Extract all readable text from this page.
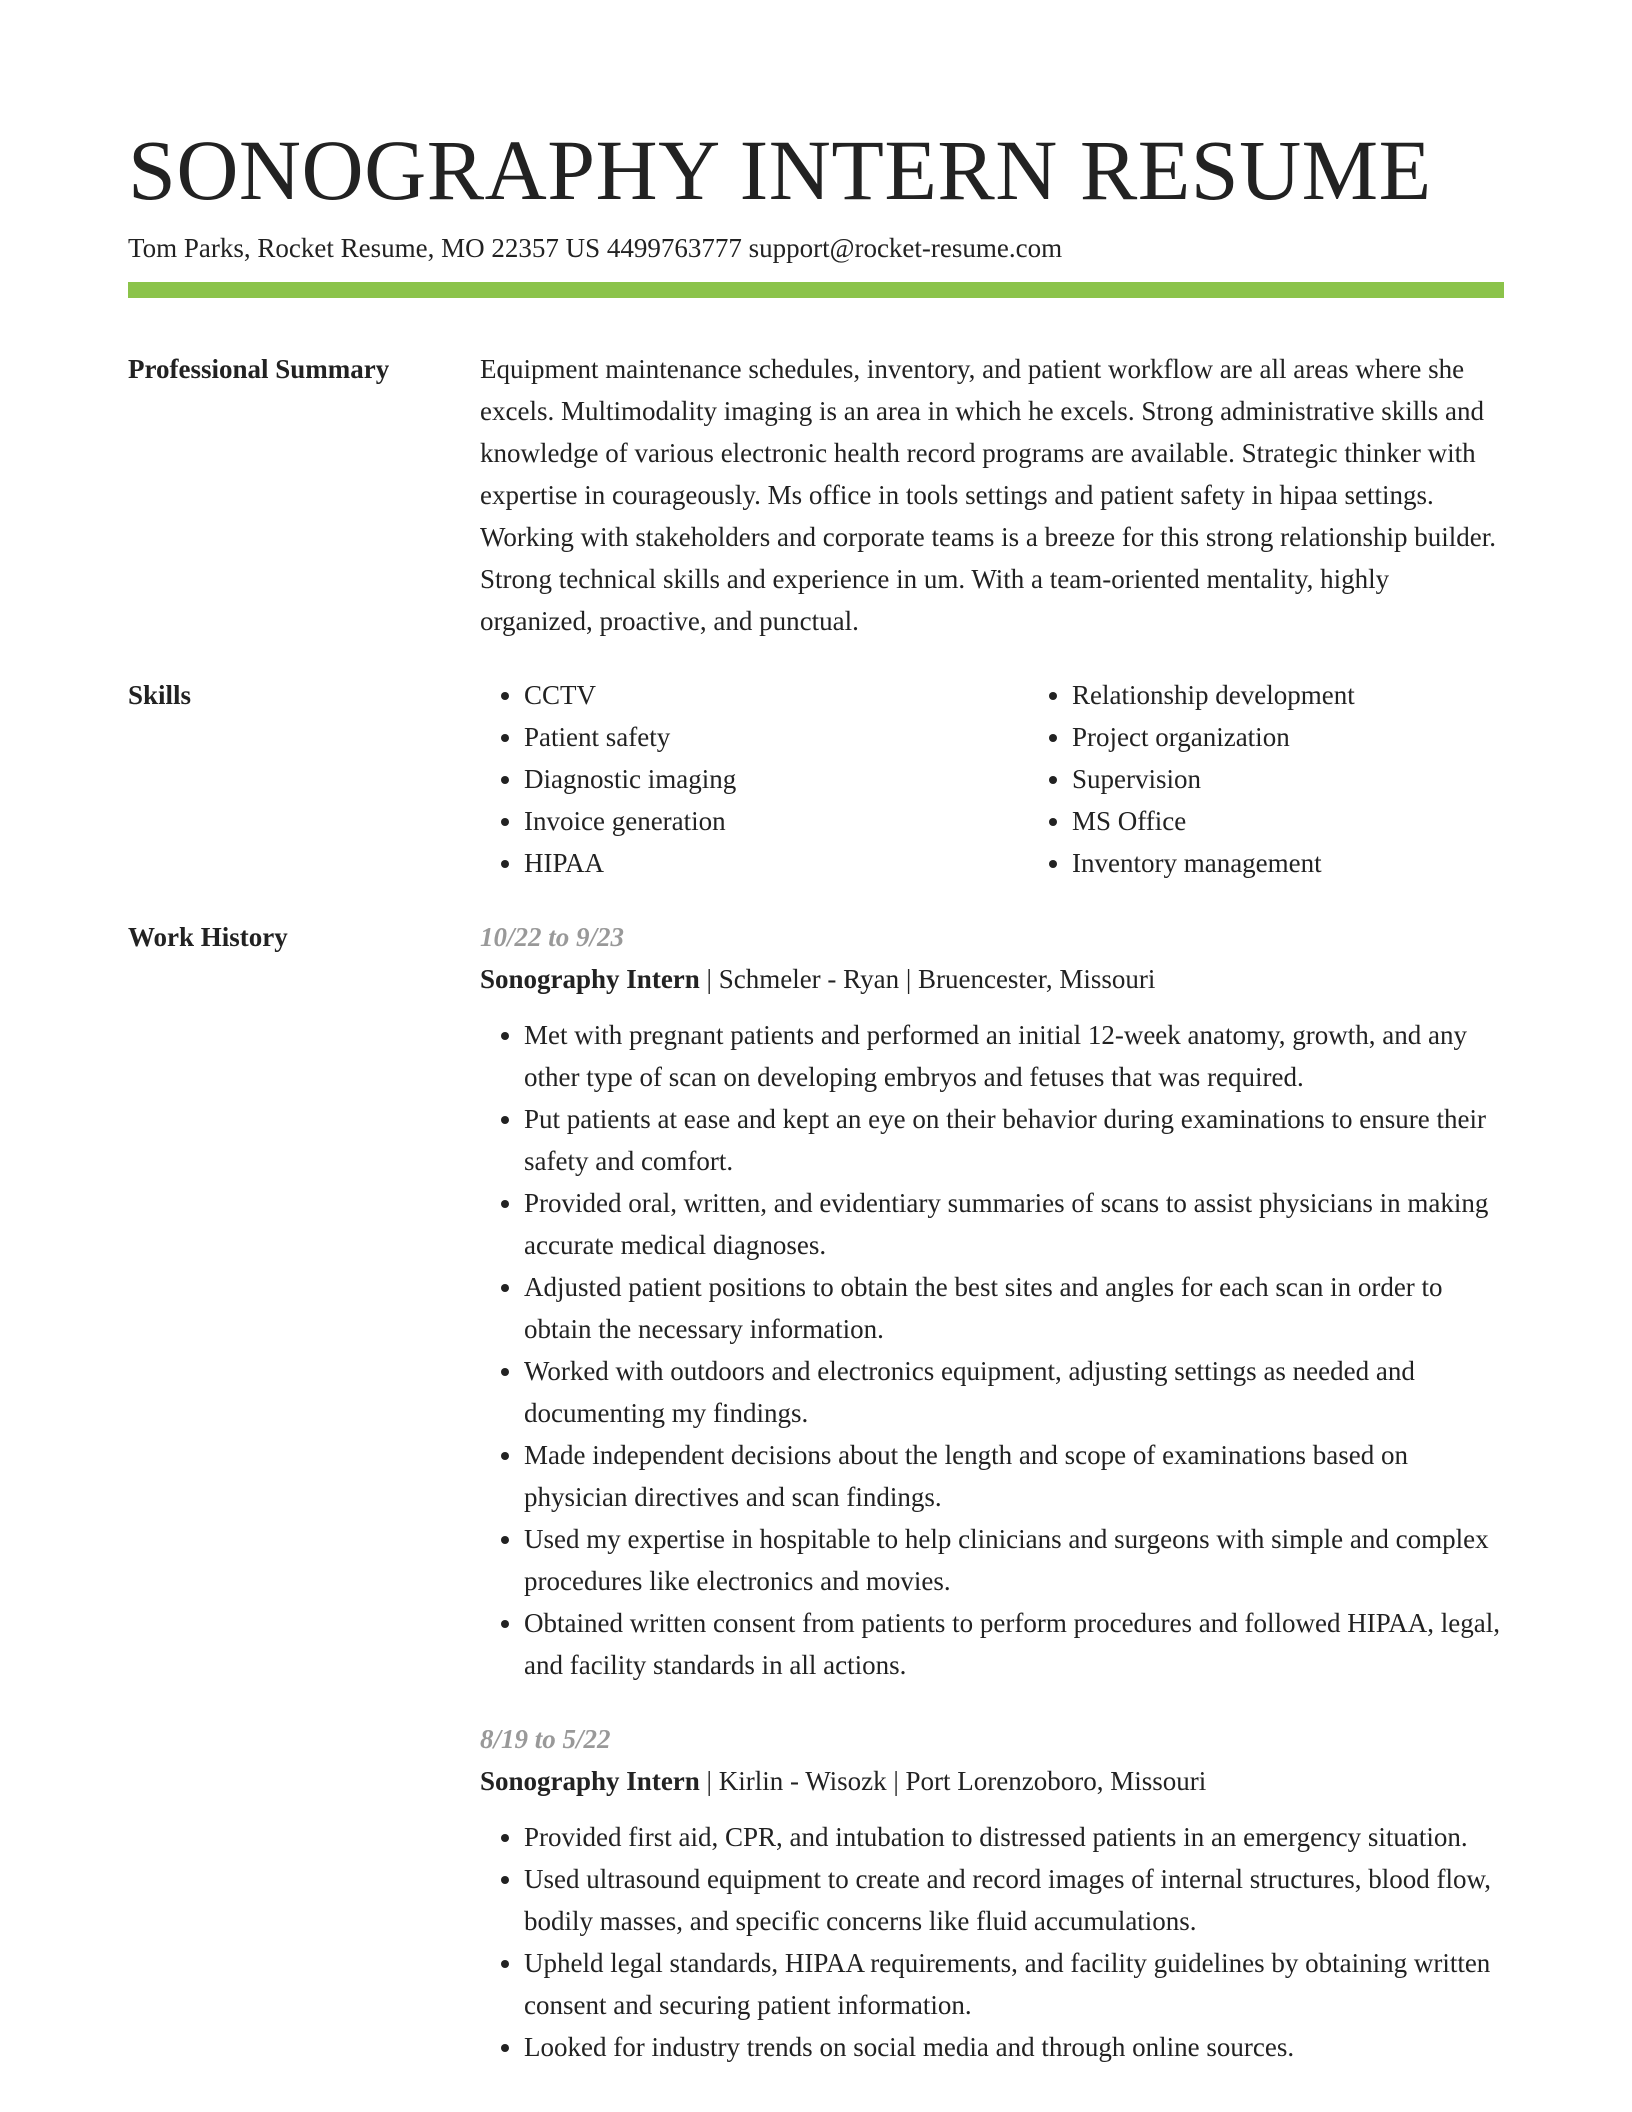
SONOGRAPHY INTERN RESUME
Tom Parks, Rocket Resume, MO 22357 US 4499763777 support@rocket-resume.com
Professional Summary	Equipment maintenance schedules, inventory, and patient workflow are all areas where she excels. Multimodality imaging is an area in which he excels. Strong administrative skills and knowledge of various electronic health record programs are available. Strategic thinker with expertise in courageously. Ms office in tools settings and patient safety in hipaa settings. Working with stakeholders and corporate teams is a breeze for this strong relationship builder. Strong technical skills and experience in um. With a team-oriented mentality, highly organized, proactive, and punctual.

Skills
•	CCTV
• Patient safety
• Diagnostic imaging
• Invoice generation
• HIPAA
• Relationship development
• Project organization
• Supervision
• MS Office
• Inventory management
Work History	10/22 to 9/23
Sonography Intern | Schmeler - Ryan | Bruencester, Missouri
• Met with pregnant patients and performed an initial 12-week anatomy, growth, and any other type of scan on developing embryos and fetuses that was required.
• Put patients at ease and kept an eye on their behavior during examinations to ensure their safety and comfort.
• Provided oral, written, and evidentiary summaries of scans to assist physicians in making accurate medical diagnoses.
• Adjusted patient positions to obtain the best sites and angles for each scan in order to obtain the necessary information.
• Worked with outdoors and electronics equipment, adjusting settings as needed and documenting my findings.
• Made independent decisions about the length and scope of examinations based on physician directives and scan findings.
• Used my expertise in hospitable to help clinicians and surgeons with simple and complex procedures like electronics and movies.
• Obtained written consent from patients to perform procedures and followed HIPAA, legal, and facility standards in all actions.
8/19 to 5/22
Sonography Intern | Kirlin - Wisozk | Port Lorenzoboro, Missouri
• Provided first aid, CPR, and intubation to distressed patients in an emergency situation.
• Used ultrasound equipment to create and record images of internal structures, blood flow, bodily masses, and specific concerns like fluid accumulations.
• Upheld legal standards, HIPAA requirements, and facility guidelines by obtaining written consent and securing patient information.
• Looked for industry trends on social media and through online sources.
